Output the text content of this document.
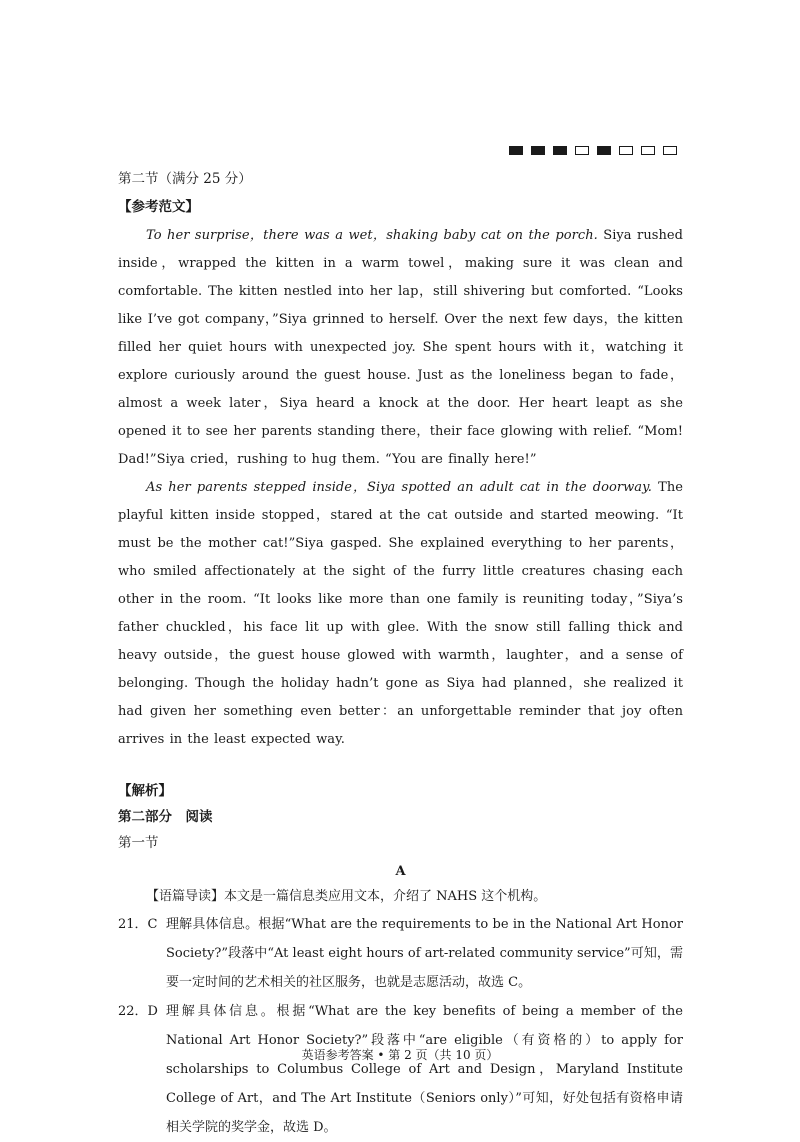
第二节（满分 25 分）
【参考范文】

To her surprise，there was a wet，shaking baby cat on the porch. Siya rushed inside，wrapped the kitten in a warm towel，making sure it was clean and comfortable. The kitten nestled into her lap，still shivering but comforted. “Looks like I’ve got company，”Siya grinned to herself. Over the next few days，the kitten filled her quiet hours with unexpected joy. She spent hours with it，watching it explore curiously around the guest house. Just as the loneliness began to fade，almost a week later，Siya heard a knock at the door. Her heart leapt as she opened it to see her parents standing there，their face glowing with relief. “Mom! Dad!”Siya cried，rushing to hug them. “You are finally here!”

As her parents stepped inside，Siya spotted an adult cat in the doorway. The playful kitten inside stopped，stared at the cat outside and started meowing. “It must be the mother cat!”Siya gasped. She explained everything to her parents，who smiled affectionately at the sight of the furry little creatures chasing each other in the room. “It looks like more than one family is reuniting today，”Siya’s father chuckled，his face lit up with glee. With the snow still falling thick and heavy outside，the guest house glowed with warmth，laughter，and a sense of belonging. Though the holiday hadn’t gone as Siya had planned，she realized it had given her something even better：an unforgettable reminder that joy often arrives in the least expected way.

【解析】
第二部分　阅读
第一节
A
【语篇导读】本文是一篇信息类应用文本，介绍了 NAHS 这个机构。
21．C 理解具体信息。根据“What are the requirements to be in the National Art Honor Society?”段落中“At least eight hours of art-related community service”可知，需要一定时间的艺术相关的社区服务，也就是志愿活动，故选 C。
22．D 理解具体信息。根据“What are the key benefits of being a member of the National Art Honor Society?”段落中“are eligible（有资格的）to apply for scholarships to Columbus College of Art and Design，Maryland Institute College of Art，and The Art Institute（Seniors only）”可知，好处包括有资格申请相关学院的奖学金，故选 D。
英语参考答案 • 第 2 页（共 10 页）
